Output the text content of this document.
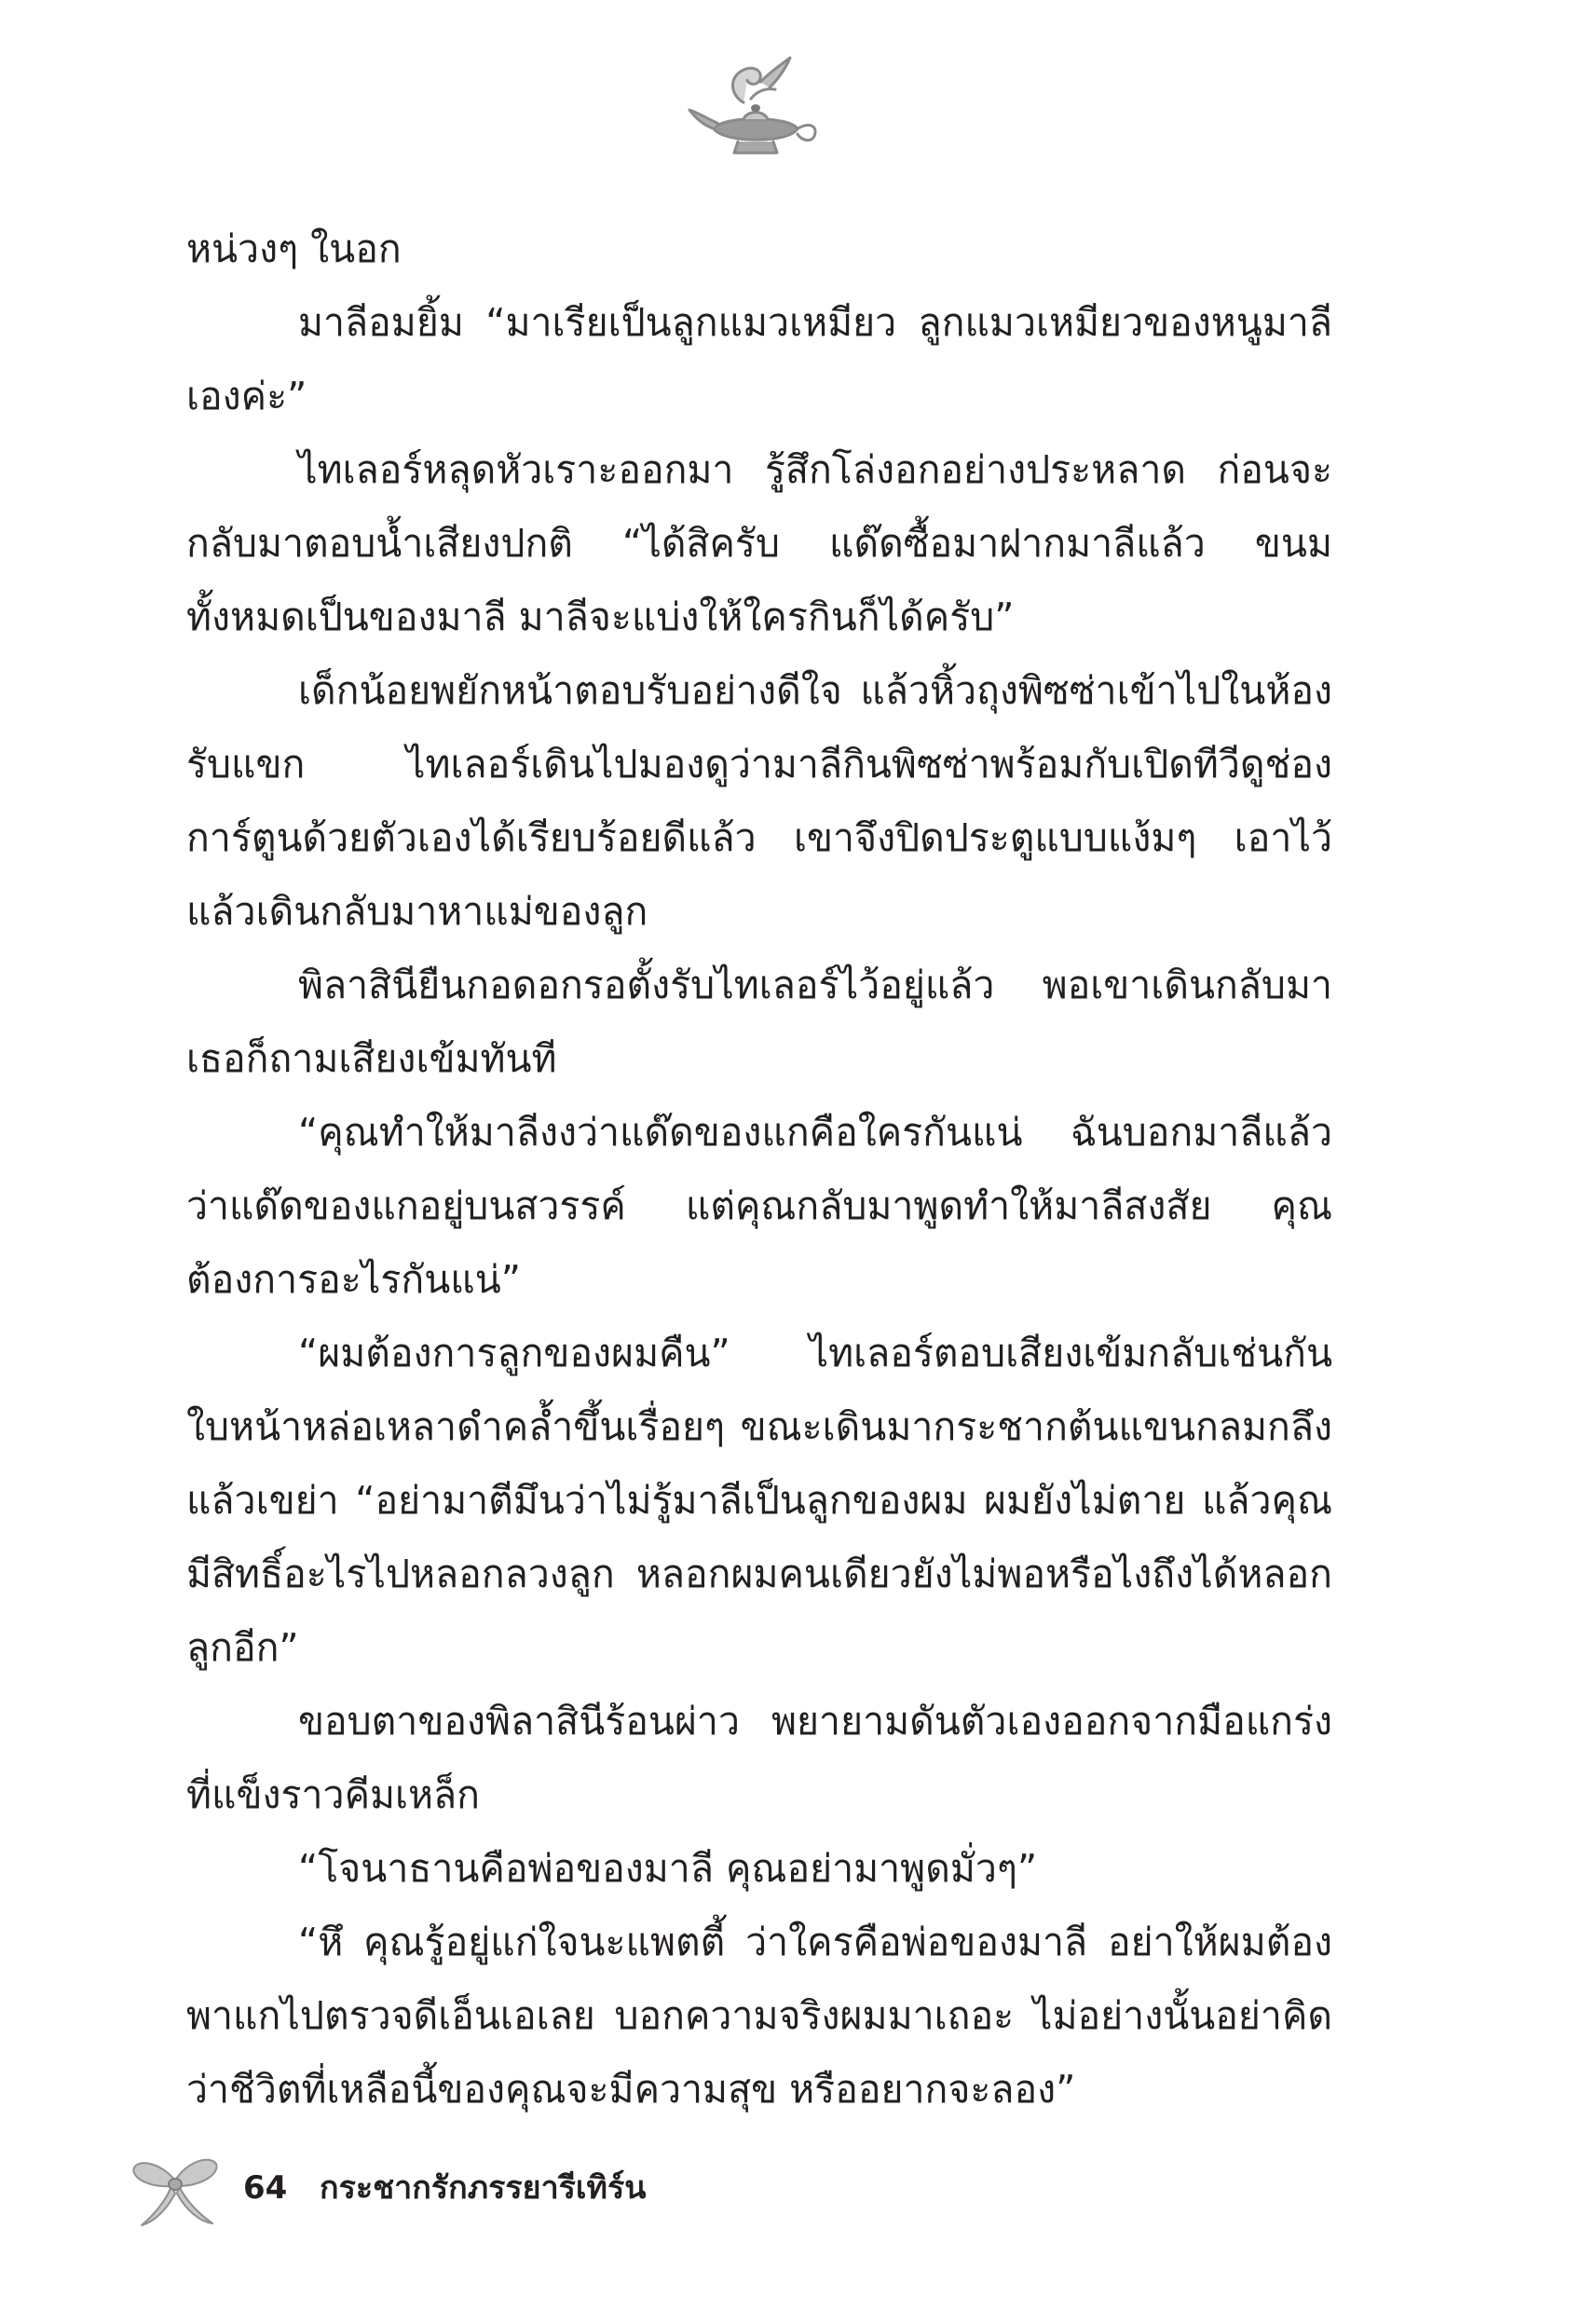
หน่วงๆ ในอก

มาลีอมยิ้ม “มาเรียเป็นลูกแมวเหมียว ลูกแมวเหมียวของหนูมาลีเองค่ะ”

ไทเลอร์หลุดหัวเราะออกมา รู้สึกโล่งอกอย่างประหลาด ก่อนจะกลับมาตอบน้ำเสียงปกติ “ได้สิครับ แด๊ดซื้อมาฝากมาลีแล้ว ขนมทั้งหมดเป็นของมาลี มาลีจะแบ่งให้ใครกินก็ได้ครับ”

เด็กน้อยพยักหน้าตอบรับอย่างดีใจ แล้วหิ้วถุงพิซซ่าเข้าไปในห้องรับแขก ไทเลอร์เดินไปมองดูว่ามาลีกินพิซซ่าพร้อมกับเปิดทีวีดูช่องการ์ตูนด้วยตัวเองได้เรียบร้อยดีแล้ว เขาจึงปิดประตูแบบแง้มๆ เอาไว้แล้วเดินกลับมาหาแม่ของลูก

พิลาสินียืนกอดอกรอตั้งรับไทเลอร์ไว้อยู่แล้ว พอเขาเดินกลับมาเธอก็ถามเสียงเข้มทันที

“คุณทำให้มาลีงงว่าแด๊ดของแกคือใครกันแน่ ฉันบอกมาลีแล้วว่าแด๊ดของแกอยู่บนสวรรค์ แต่คุณกลับมาพูดทำให้มาลีสงสัย คุณต้องการอะไรกันแน่”

“ผมต้องการลูกของผมคืน” ไทเลอร์ตอบเสียงเข้มกลับเช่นกัน ใบหน้าหล่อเหลาดำคล้ำขึ้นเรื่อยๆ ขณะเดินมากระชากต้นแขนกลมกลึงแล้วเขย่า “อย่ามาตีมึนว่าไม่รู้มาลีเป็นลูกของผม ผมยังไม่ตาย แล้วคุณมีสิทธิ์อะไรไปหลอกลวงลูก หลอกผมคนเดียวยังไม่พอหรือไงถึงได้หลอกลูกอีก”

ขอบตาของพิลาสินีร้อนผ่าว พยายามดันตัวเองออกจากมือแกร่งที่แข็งราวคีมเหล็ก

“โจนาธานคือพ่อของมาลี คุณอย่ามาพูดมั่วๆ”

“หึ คุณรู้อยู่แก่ใจนะแพตตี้ ว่าใครคือพ่อของมาลี อย่าให้ผมต้องพาแกไปตรวจดีเอ็นเอเลย บอกความจริงผมมาเถอะ ไม่อย่างนั้นอย่าคิดว่าชีวิตที่เหลือนี้ของคุณจะมีความสุข หรืออยากจะลอง”

64 กระชากรักภรรยารีเทิร์น
